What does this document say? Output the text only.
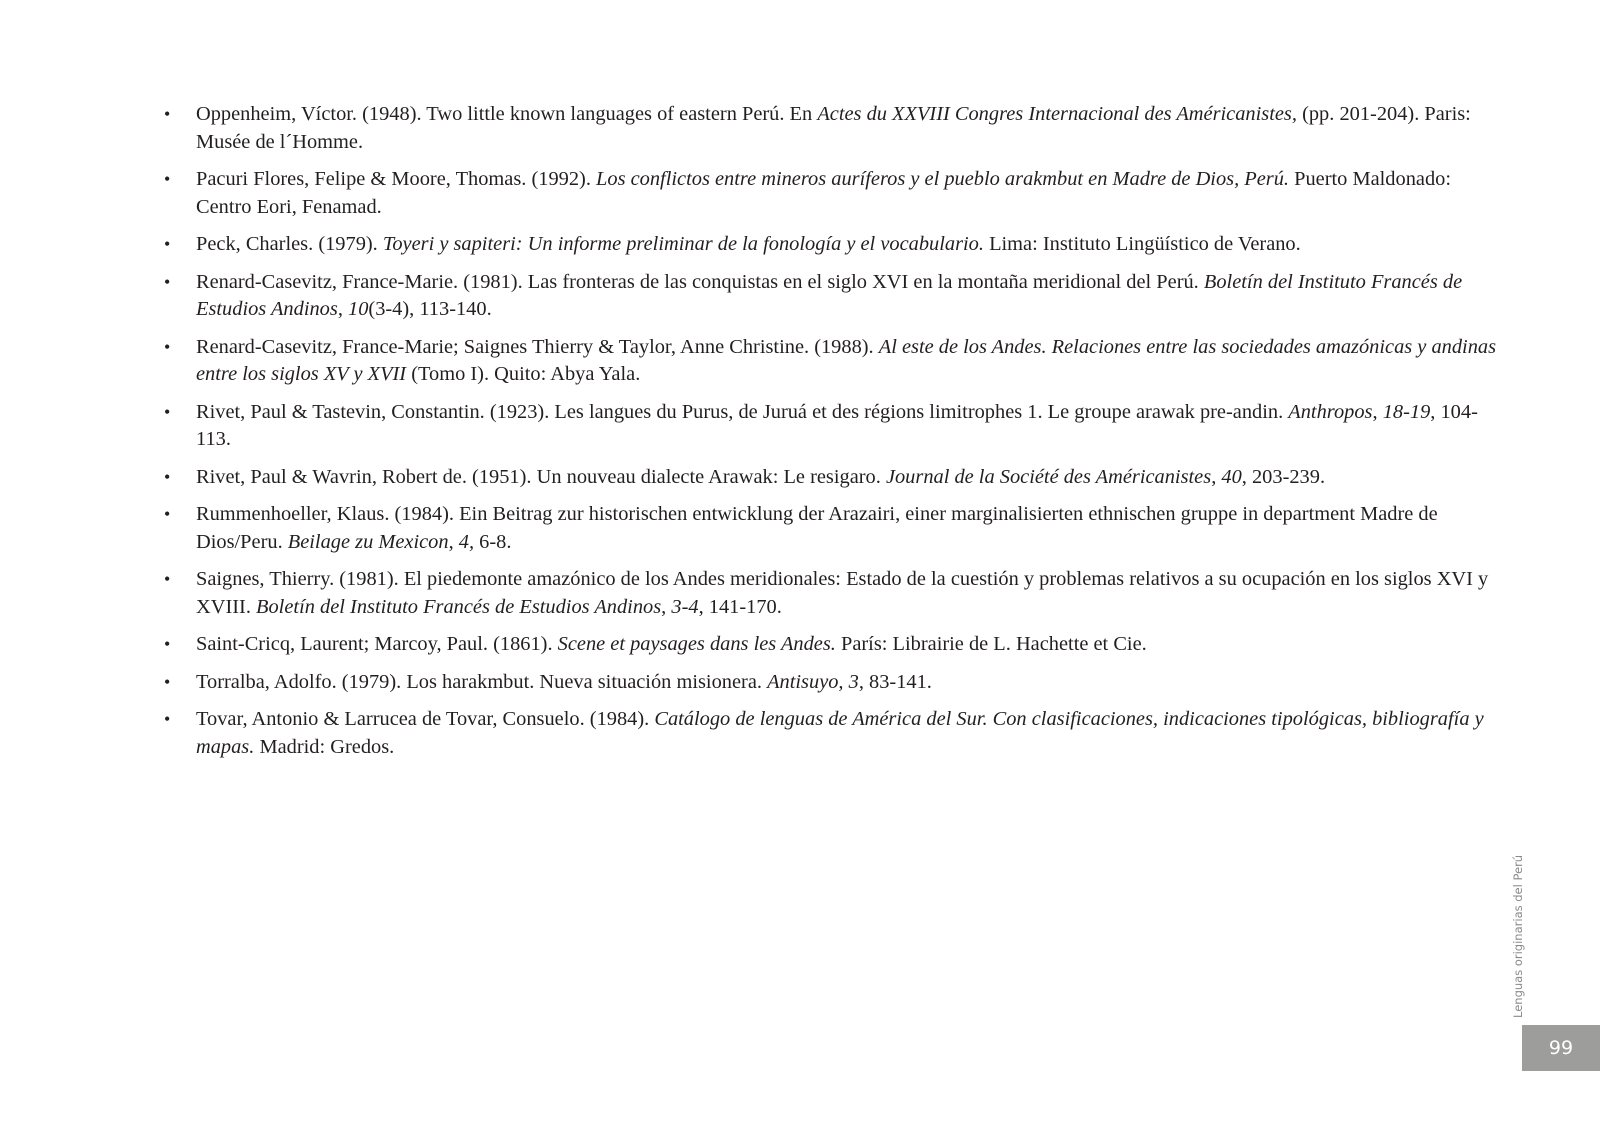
• Oppenheim, Víctor. (1948). Two little known languages of eastern Perú. En Actes du XXVIII Congres Internacional des Américanistes, (pp. 201-204). Paris: Musée de l´Homme.
• Pacuri Flores, Felipe & Moore, Thomas. (1992). Los conflictos entre mineros auríferos y el pueblo arakmbut en Madre de Dios, Perú. Puerto Maldonado: Centro Eori, Fenamad.
• Peck, Charles. (1979). Toyeri y sapiteri: Un informe preliminar de la fonología y el vocabulario. Lima: Instituto Lingüístico de Verano.
• Renard-Casevitz, France-Marie. (1981). Las fronteras de las conquistas en el siglo XVI en la montaña meridional del Perú. Boletín del Instituto Francés de Estudios Andinos, 10(3-4), 113-140.
• Renard-Casevitz, France-Marie; Saignes Thierry & Taylor, Anne Christine. (1988). Al este de los Andes. Relaciones entre las sociedades amazónicas y andinas entre los siglos XV y XVII (Tomo I). Quito: Abya Yala.
• Rivet, Paul & Tastevin, Constantin. (1923). Les langues du Purus, de Juruá et des régions limitrophes 1. Le groupe arawak pre-andin. Anthropos, 18-19, 104-113.
• Rivet, Paul & Wavrin, Robert de. (1951). Un nouveau dialecte Arawak: Le resigaro. Journal de la Société des Américanistes, 40, 203-239.
• Rummenhoeller, Klaus. (1984). Ein Beitrag zur historischen entwicklung der Arazairi, einer marginalisierten ethnischen gruppe in department Madre de Dios/Peru. Beilage zu Mexicon, 4, 6-8.
• Saignes, Thierry. (1981). El piedemonte amazónico de los Andes meridionales: Estado de la cuestión y problemas relativos a su ocupación en los siglos XVI y XVIII. Boletín del Instituto Francés de Estudios Andinos, 3-4, 141-170.
• Saint-Cricq, Laurent; Marcoy, Paul. (1861). Scene et paysages dans les Andes. París: Librairie de L. Hachette et Cie.
• Torralba, Adolfo. (1979). Los harakmbut. Nueva situación misionera. Antisuyo, 3, 83-141.
• Tovar, Antonio & Larrucea de Tovar, Consuelo. (1984). Catálogo de lenguas de América del Sur. Con clasificaciones, indicaciones tipológicas, bibliografía y mapas. Madrid: Gredos.
Lenguas originarias del Perú
99
